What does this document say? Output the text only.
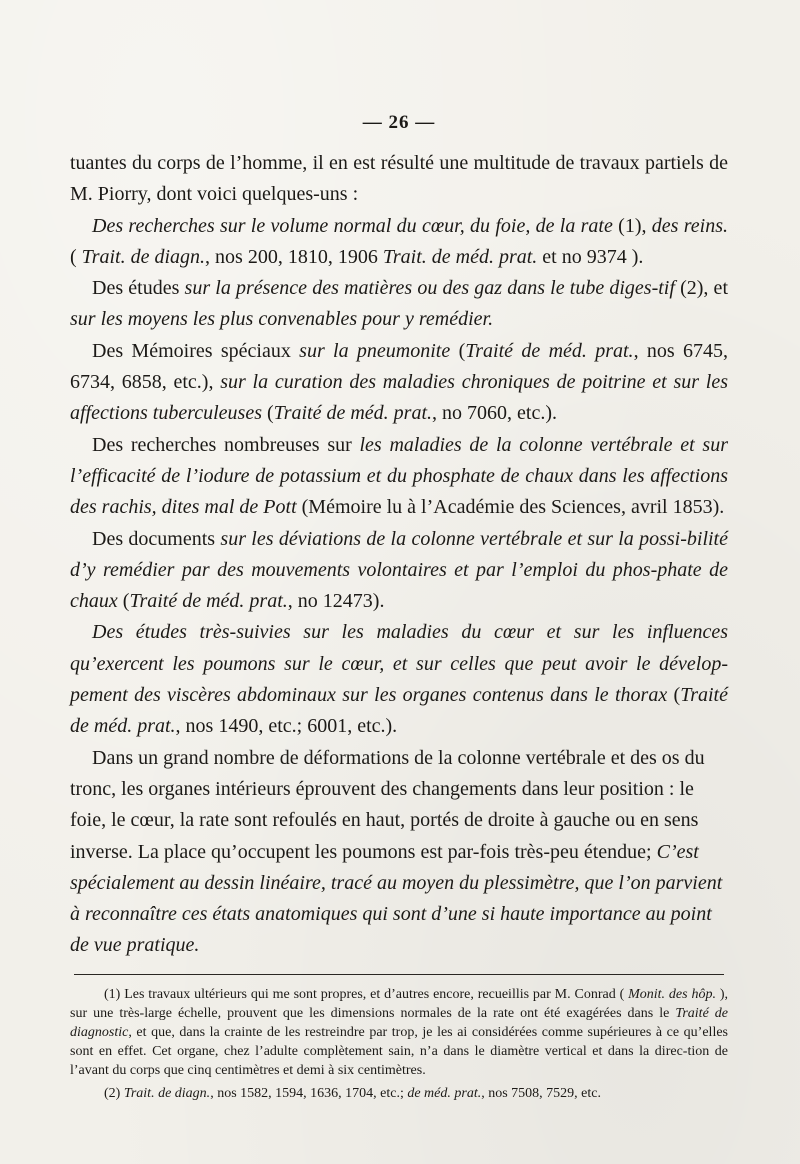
— 26 —

tuantes du corps de l’homme, il en est résulté une multitude de travaux partiels de M. Piorry, dont voici quelques-uns :

Des recherches sur le volume normal du cœur, du foie, de la rate (1), des reins. ( Trait. de diagn., nos 200, 1810, 1906 Trait. de méd. prat. et no 9374 ).

Des études sur la présence des matières ou des gaz dans le tube diges-tif (2), et sur les moyens les plus convenables pour y remédier.

Des Mémoires spéciaux sur la pneumonite (Traité de méd. prat., nos 6745, 6734, 6858, etc.), sur la curation des maladies chroniques de poitrine et sur les affections tuberculeuses (Traité de méd. prat., no 7060, etc.).

Des recherches nombreuses sur les maladies de la colonne vertébrale et sur l’efficacité de l’iodure de potassium et du phosphate de chaux dans les affections des rachis, dites mal de Pott (Mémoire lu à l’Académie des Sciences, avril 1853).

Des documents sur les déviations de la colonne vertébrale et sur la possi-bilité d’y remédier par des mouvements volontaires et par l’emploi du phos-phate de chaux (Traité de méd. prat., no 12473).

Des études très-suivies sur les maladies du cœur et sur les influences qu’exercent les poumons sur le cœur, et sur celles que peut avoir le dévelop-pement des viscères abdominaux sur les organes contenus dans le thorax (Traité de méd. prat., nos 1490, etc.; 6001, etc.).

Dans un grand nombre de déformations de la colonne vertébrale et des os du tronc, les organes intérieurs éprouvent des changements dans leur position : le foie, le cœur, la rate sont refoulés en haut, portés de droite à gauche ou en sens inverse. La place qu’occupent les poumons est par-fois très-peu étendue; C’est spécialement au dessin linéaire, tracé au moyen du plessimètre, que l’on parvient à reconnaître ces états anatomiques qui sont d’une si haute importance au point de vue pratique.

(1) Les travaux ultérieurs qui me sont propres, et d’autres encore, recueillis par M. Conrad ( Monit. des hôp. ), sur une très-large échelle, prouvent que les dimensions normales de la rate ont été exagérées dans le Traité de diagnostic, et que, dans la crainte de les restreindre par trop, je les ai considérées comme supérieures à ce qu’elles sont en effet. Cet organe, chez l’adulte complètement sain, n’a dans le diamètre vertical et dans la direc-tion de l’avant du corps que cinq centimètres et demi à six centimètres.

(2) Trait. de diagn., nos 1582, 1594, 1636, 1704, etc.; de méd. prat., nos 7508, 7529, etc.
